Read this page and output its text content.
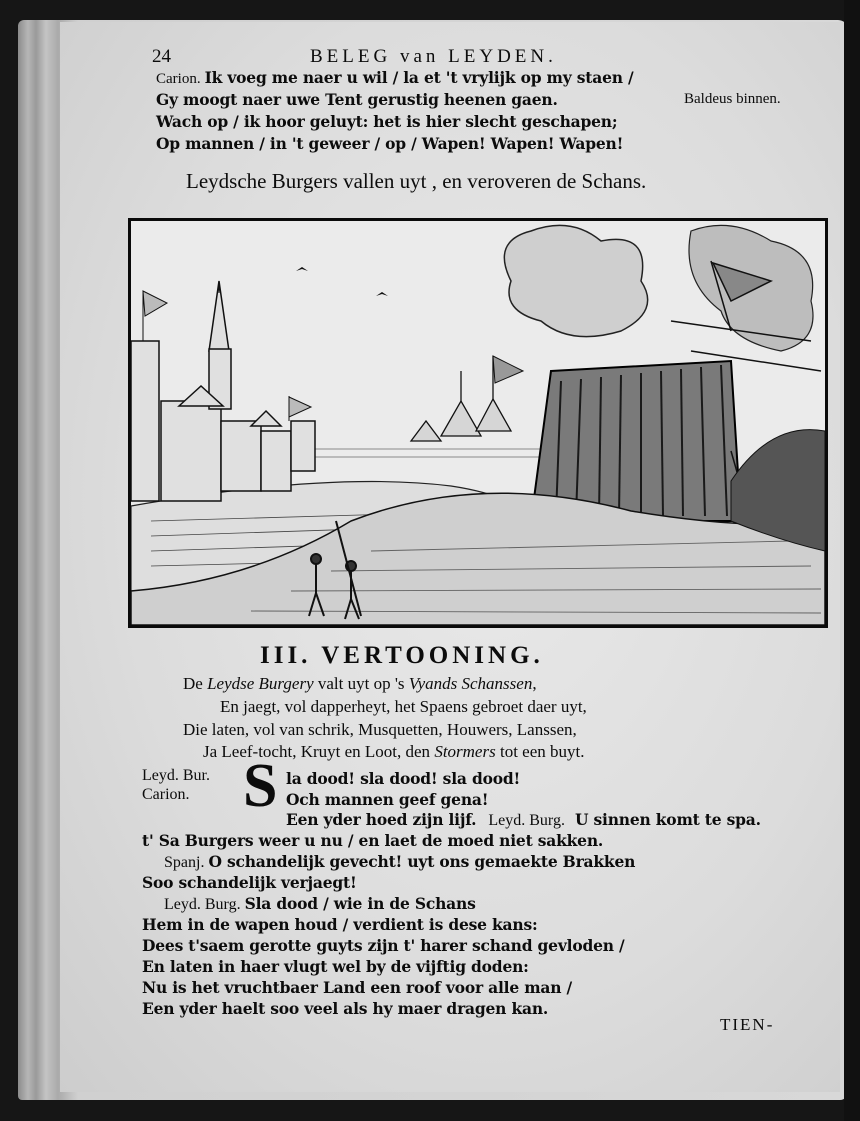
24	BELEG van LEYDEN.
Carion. Ik voeg me naer u wil / la et 't vrylijk op my staen /
Gy moogt naer uwe Tent gerustig heenen gaen.	Baldeus binnen.
Wach op / ik hoor geluyt: het is hier slecht geschapen;
Op mannen / in 't geweer / op / Wapen! Wapen! Wapen!
Leydsche Burgers vallen uyt , en veroveren de Schans.
III. VERTOONING.
De Leydse Burgery valt uyt op 's Vyands Schanssen,
En jaegt, vol dapperheyt, het Spaens gebroet daer uyt,
Die laten, vol van schrik, Musquetten, Houwers, Lanssen,
Ja Leef-tocht, Kruyt en Loot, den Stormers tot een buyt.
Leyd. Bur.
Carion. S la dood! sla dood! sla dood!
Och mannen geef gena!
Een yder hoed zijn lijf. Leyd. Burg. U sinnen komt te spa.
t' Sa Burgers weer u nu / en laet de moed niet sakken.
Spanj. O schandelijk gevecht! uyt ons gemaekte Brakken
Soo schandelijk verjaegt!
Leyd. Burg. Sla dood / wie in de Schans
Hem in de wapen houd / verdient is dese kans:
Dees t'saem gerotte guyts zijn t' harer schand gevloden /
En laten in haer vlugt wel by de vijftig doden:
Nu is het vruchtbaer Land een roof voor alle man /
Een yder haelt soo veel als hy maer dragen kan.
TIEN-
